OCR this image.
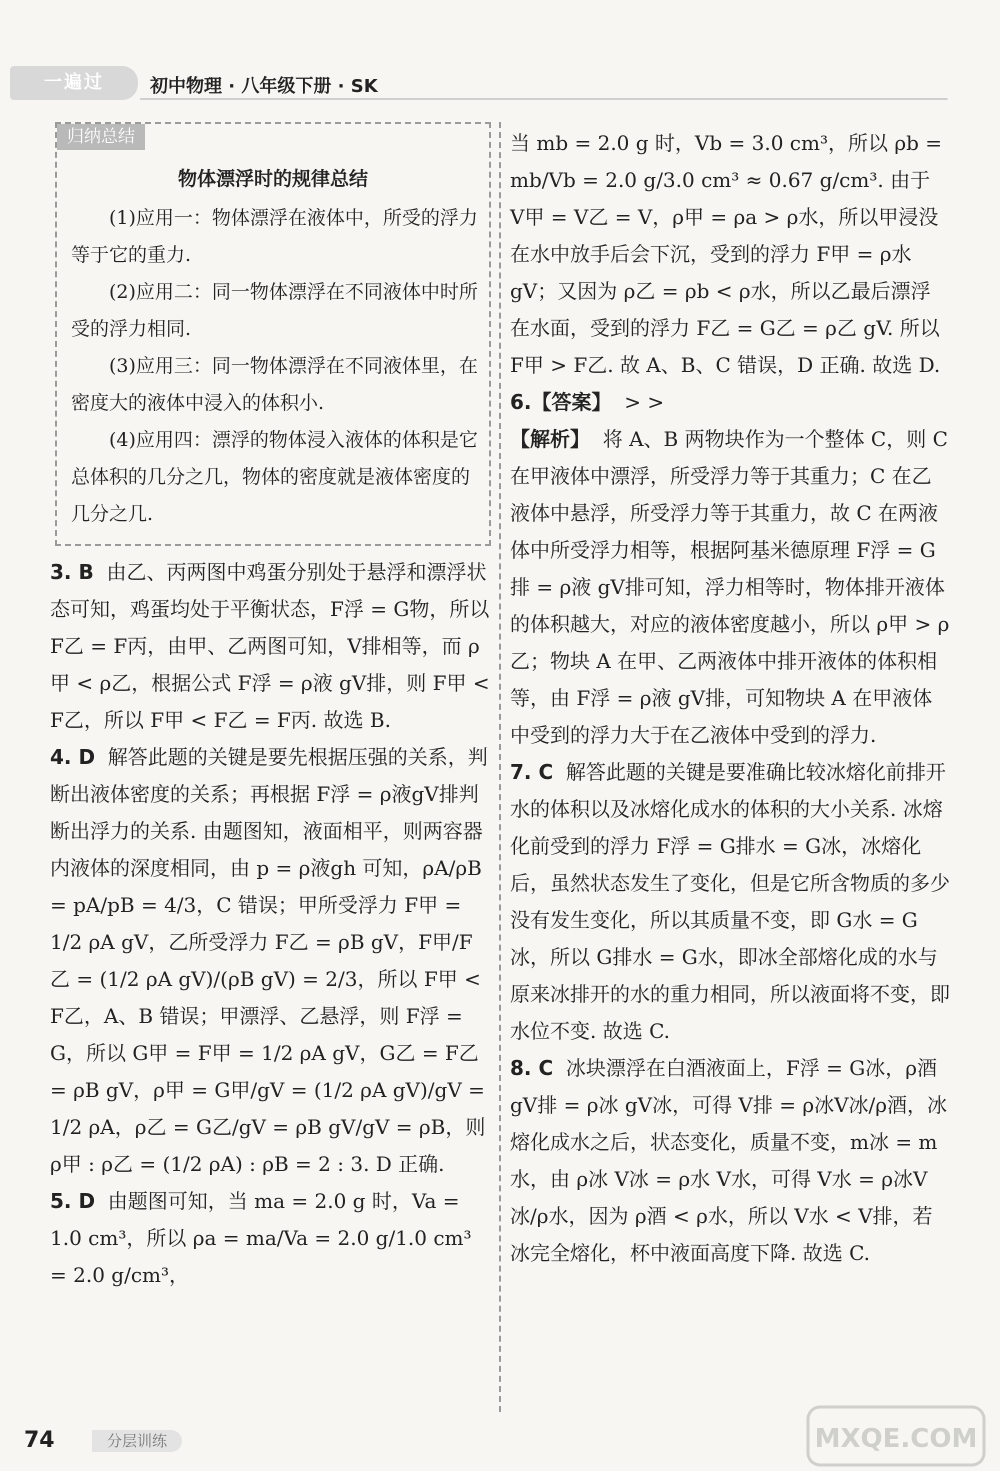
一遍过	初中物理 · 八年级下册 · SK
归纳总结
物体漂浮时的规律总结

(1)应用一：物体漂浮在液体中，所受的浮力等于它的重力.

(2)应用二：同一物体漂浮在不同液体中时所受的浮力相同.

(3)应用三：同一物体漂浮在不同液体里，在密度大的液体中浸入的体积小.

(4)应用四：漂浮的物体浸入液体的体积是它总体积的几分之几，物体的密度就是液体密度的几分之几.

3. B 由乙、丙两图中鸡蛋分别处于悬浮和漂浮状态可知，鸡蛋均处于平衡状态，F浮 = G物，所以 F乙 = F丙，由甲、乙两图可知，V排相等，而 ρ甲 < ρ乙，根据公式 F浮 = ρ液 gV排，则 F甲 < F乙，所以 F甲 < F乙 = F丙. 故选 B.

4. D 解答此题的关键是要先根据压强的关系，判断出液体密度的关系；再根据 F浮 = ρ液gV排判断出浮力的关系. 由题图知，液面相平，则两容器内液体的深度相同，由 p = ρ液gh 可知，ρA/ρB = pA/pB = 4/3，C 错误；甲所受浮力 F甲 = 1/2 ρA gV，乙所受浮力 F乙 = ρB gV，F甲/F乙 = (1/2 ρA gV)/(ρB gV) = 2/3，所以 F甲 < F乙，A、B 错误；甲漂浮、乙悬浮，则 F浮 = G，所以 G甲 = F甲 = 1/2 ρA gV，G乙 = F乙 = ρB gV，ρ甲 = G甲/gV = (1/2 ρA gV)/gV = 1/2 ρA，ρ乙 = G乙/gV = ρB gV/gV = ρB，则 ρ甲 : ρ乙 = (1/2 ρA) : ρB = 2 : 3. D 正确.

5. D 由题图可知，当 ma = 2.0 g 时，Va = 1.0 cm³，所以 ρa = ma/Va = 2.0 g/1.0 cm³ = 2.0 g/cm³，

当 mb = 2.0 g 时，Vb = 3.0 cm³，所以 ρb = mb/Vb = 2.0 g/3.0 cm³ ≈ 0.67 g/cm³. 由于 V甲 = V乙 = V，ρ甲 = ρa > ρ水，所以甲浸没在水中放手后会下沉，受到的浮力 F甲 = ρ水 gV；又因为 ρ乙 = ρb < ρ水，所以乙最后漂浮在水面，受到的浮力 F乙 = G乙 = ρ乙 gV. 所以 F甲 > F乙. 故 A、B、C 错误，D 正确. 故选 D.

6.【答案】 > >

【解析】 将 A、B 两物块作为一个整体 C，则 C 在甲液体中漂浮，所受浮力等于其重力；C 在乙液体中悬浮，所受浮力等于其重力，故 C 在两液体中所受浮力相等，根据阿基米德原理 F浮 = G排 = ρ液 gV排可知，浮力相等时，物体排开液体的体积越大，对应的液体密度越小，所以 ρ甲 > ρ乙；物块 A 在甲、乙两液体中排开液体的体积相等，由 F浮 = ρ液 gV排，可知物块 A 在甲液体中受到的浮力大于在乙液体中受到的浮力.

7. C 解答此题的关键是要准确比较冰熔化前排开水的体积以及冰熔化成水的体积的大小关系. 冰熔化前受到的浮力 F浮 = G排水 = G冰，冰熔化后，虽然状态发生了变化，但是它所含物质的多少没有发生变化，所以其质量不变，即 G水 = G冰，所以 G排水 = G水，即冰全部熔化成的水与原来冰排开的水的重力相同，所以液面将不变，即水位不变. 故选 C.

8. C 冰块漂浮在白酒液面上，F浮 = G冰，ρ酒 gV排 = ρ冰 gV冰，可得 V排 = ρ冰V冰/ρ酒，冰熔化成水之后，状态变化，质量不变，m冰 = m水，由 ρ冰 V冰 = ρ水 V水，可得 V水 = ρ冰V冰/ρ水，因为 ρ酒 < ρ水，所以 V水 < V排，若冰完全熔化，杯中液面高度下降. 故选 C.

74	分层训练	MXQE.COM
